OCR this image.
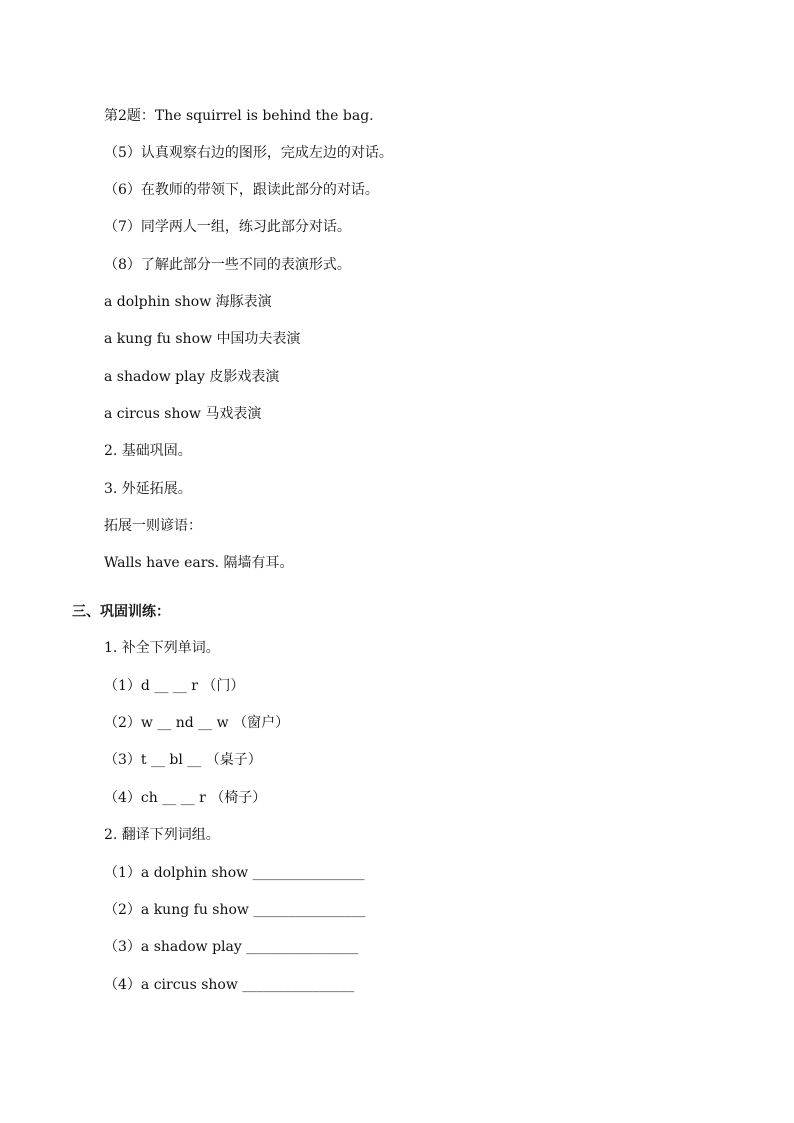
第2题：The squirrel is behind the bag.
（5）认真观察右边的图形，完成左边的对话。
（6）在教师的带领下，跟读此部分的对话。
（7）同学两人一组，练习此部分对话。
（8）了解此部分一些不同的表演形式。
a dolphin show 海豚表演
a kung fu show 中国功夫表演
a shadow play 皮影戏表演
a circus show 马戏表演
2. 基础巩固。
3. 外延拓展。
拓展一则谚语：
Walls have ears. 隔墙有耳。
三、巩固训练：
1. 补全下列单词。
（1）d __ __ r （门）
（2）w __ nd __ w （窗户）
（3）t __ bl __ （桌子）
（4）ch __ __ r （椅子）
2. 翻译下列词组。
（1）a dolphin show ________________
（2）a kung fu show ________________
（3）a shadow play ________________
（4）a circus show ________________
